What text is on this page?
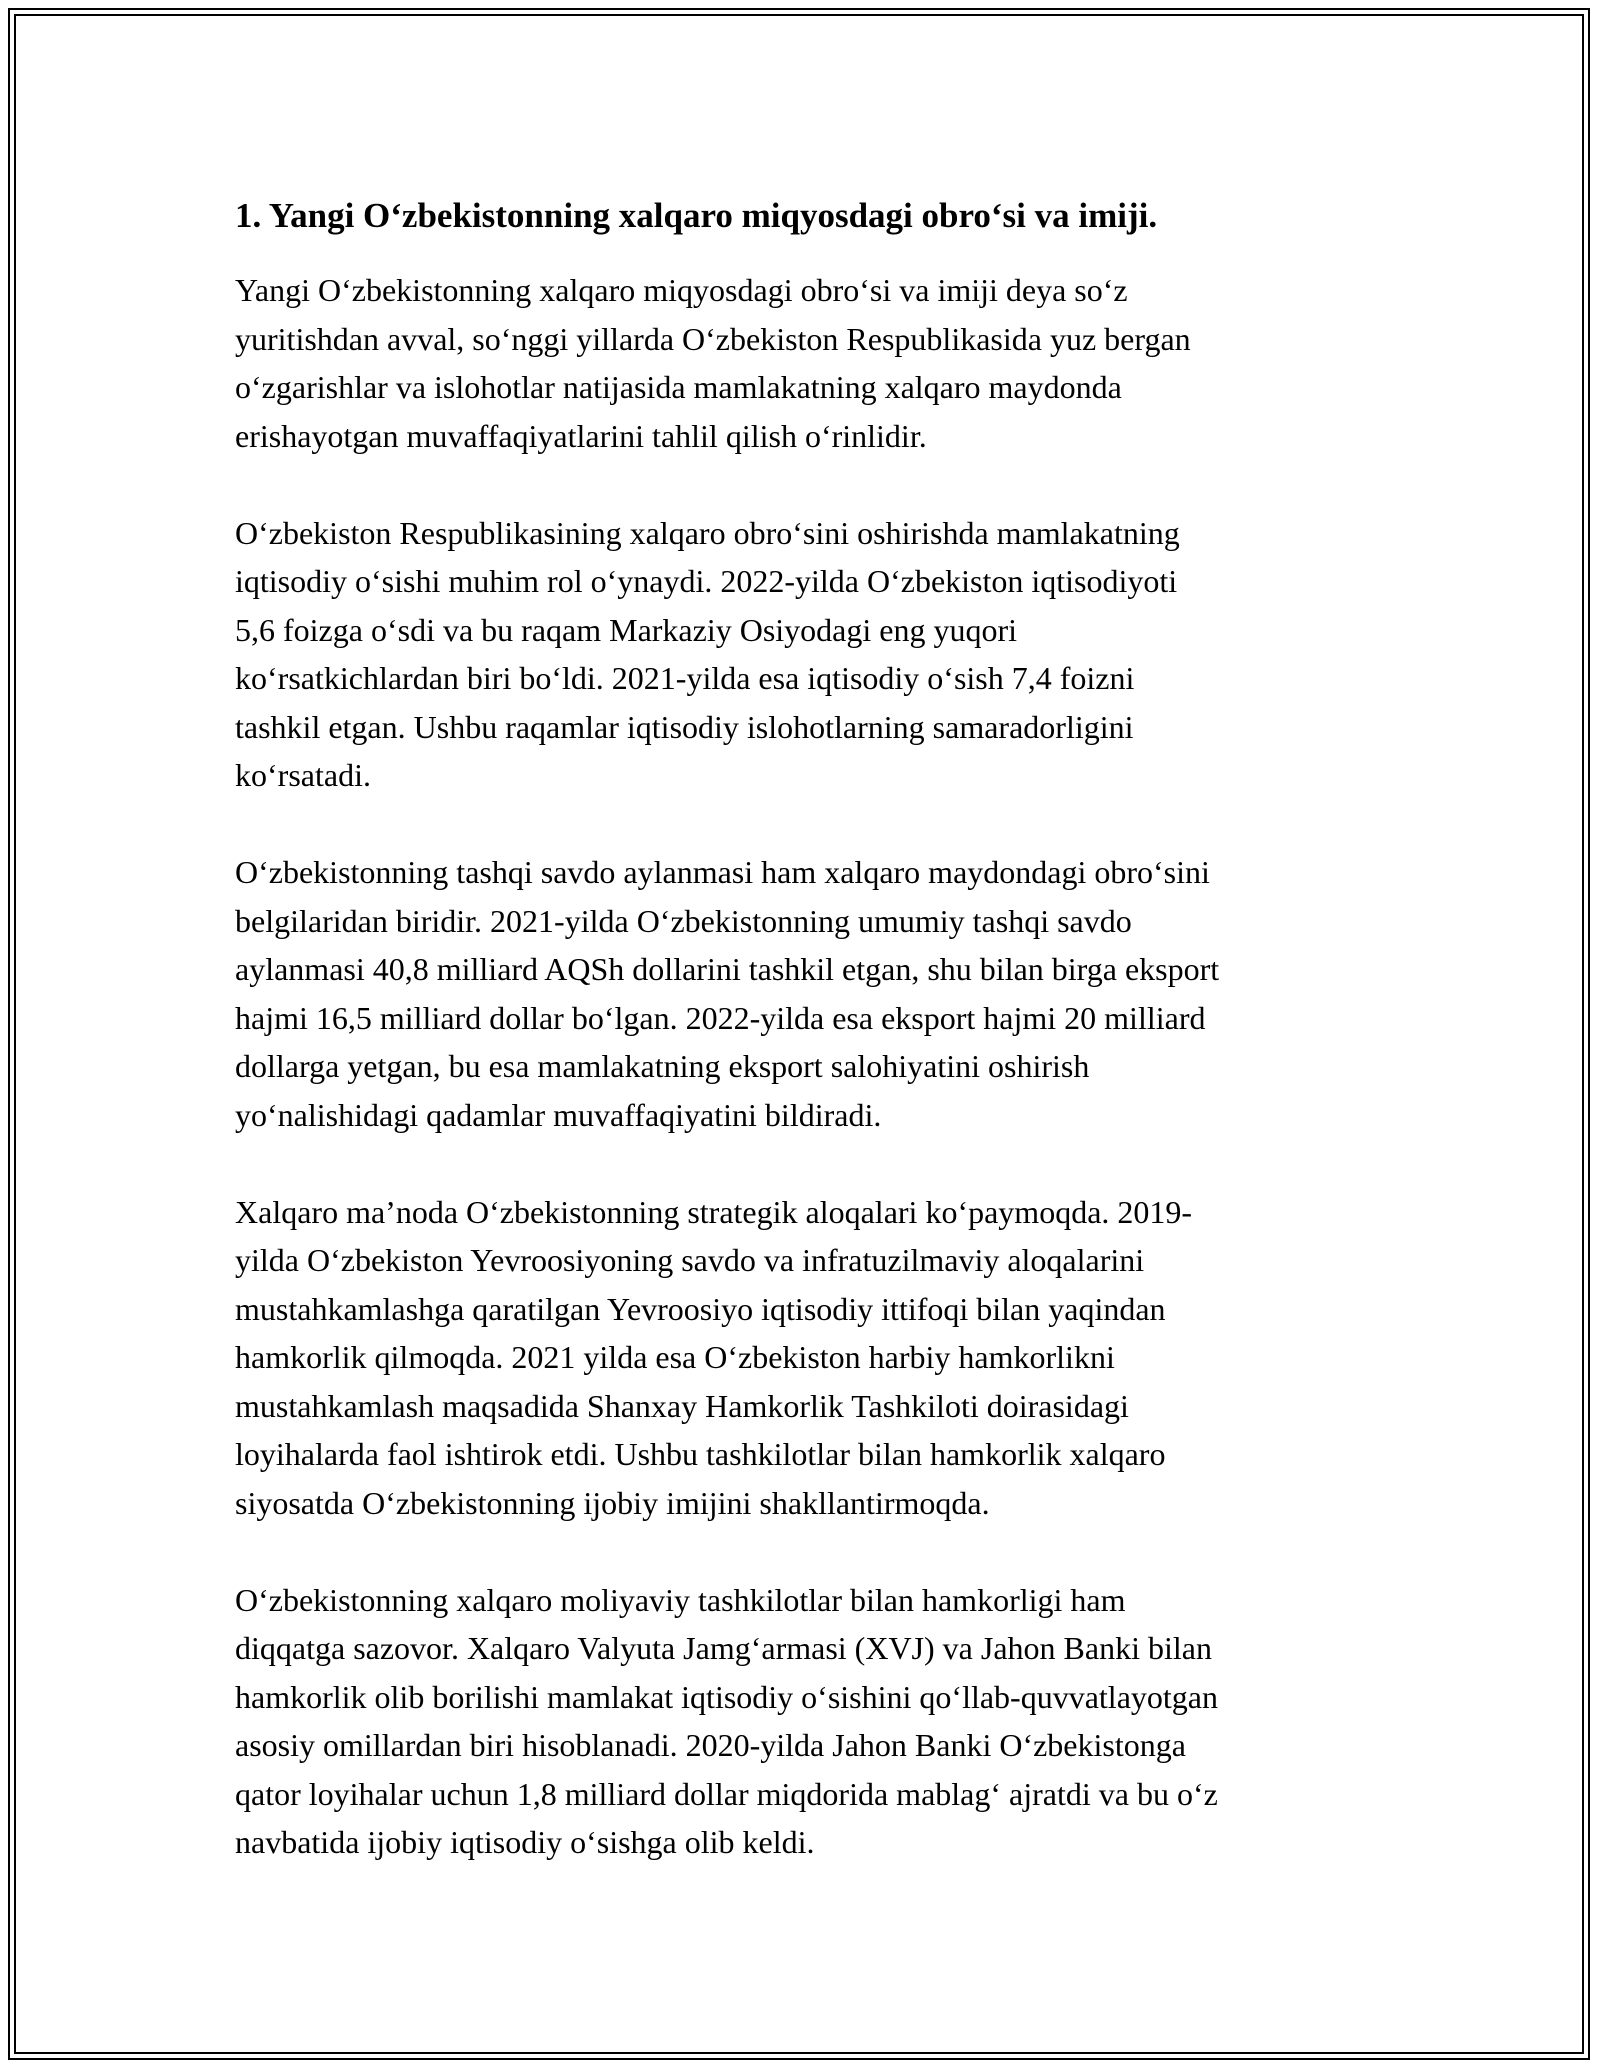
1. Yangi O‘zbekistonning xalqaro miqyosdagi obro‘si va imiji.
Yangi O‘zbekistonning xalqaro miqyosdagi obro‘si va imiji deya so‘z
yuritishdan avval, so‘nggi yillarda O‘zbekiston Respublikasida yuz bergan
o‘zgarishlar va islohotlar natijasida mamlakatning xalqaro maydonda
erishayotgan muvaffaqiyatlarini tahlil qilish o‘rinlidir.
O‘zbekiston Respublikasining xalqaro obro‘sini oshirishda mamlakatning
iqtisodiy o‘sishi muhim rol o‘ynaydi. 2022-yilda O‘zbekiston iqtisodiyoti
5,6 foizga o‘sdi va bu raqam Markaziy Osiyodagi eng yuqori
ko‘rsatkichlardan biri bo‘ldi. 2021-yilda esa iqtisodiy o‘sish 7,4 foizni
tashkil etgan. Ushbu raqamlar iqtisodiy islohotlarning samaradorligini
ko‘rsatadi.
O‘zbekistonning tashqi savdo aylanmasi ham xalqaro maydondagi obro‘sini
belgilaridan biridir. 2021-yilda O‘zbekistonning umumiy tashqi savdo
aylanmasi 40,8 milliard AQSh dollarini tashkil etgan, shu bilan birga eksport
hajmi 16,5 milliard dollar bo‘lgan. 2022-yilda esa eksport hajmi 20 milliard
dollarga yetgan, bu esa mamlakatning eksport salohiyatini oshirish
yo‘nalishidagi qadamlar muvaffaqiyatini bildiradi.
Xalqaro ma’noda O‘zbekistonning strategik aloqalari ko‘paymoqda. 2019-
yilda O‘zbekiston Yevroosiyoning savdo va infratuzilmaviy aloqalarini
mustahkamlashga qaratilgan Yevroosiyo iqtisodiy ittifoqi bilan yaqindan
hamkorlik qilmoqda. 2021 yilda esa O‘zbekiston harbiy hamkorlikni
mustahkamlash maqsadida Shanxay Hamkorlik Tashkiloti doirasidagi
loyihalarda faol ishtirok etdi. Ushbu tashkilotlar bilan hamkorlik xalqaro
siyosatda O‘zbekistonning ijobiy imijini shakllantirmoqda.
O‘zbekistonning xalqaro moliyaviy tashkilotlar bilan hamkorligi ham
diqqatga sazovor. Xalqaro Valyuta Jamg‘armasi (XVJ) va Jahon Banki bilan
hamkorlik olib borilishi mamlakat iqtisodiy o‘sishini qo‘llab-quvvatlayotgan
asosiy omillardan biri hisoblanadi. 2020-yilda Jahon Banki O‘zbekistonga
qator loyihalar uchun 1,8 milliard dollar miqdorida mablag‘ ajratdi va bu o‘z
navbatida ijobiy iqtisodiy o‘sishga olib keldi.
